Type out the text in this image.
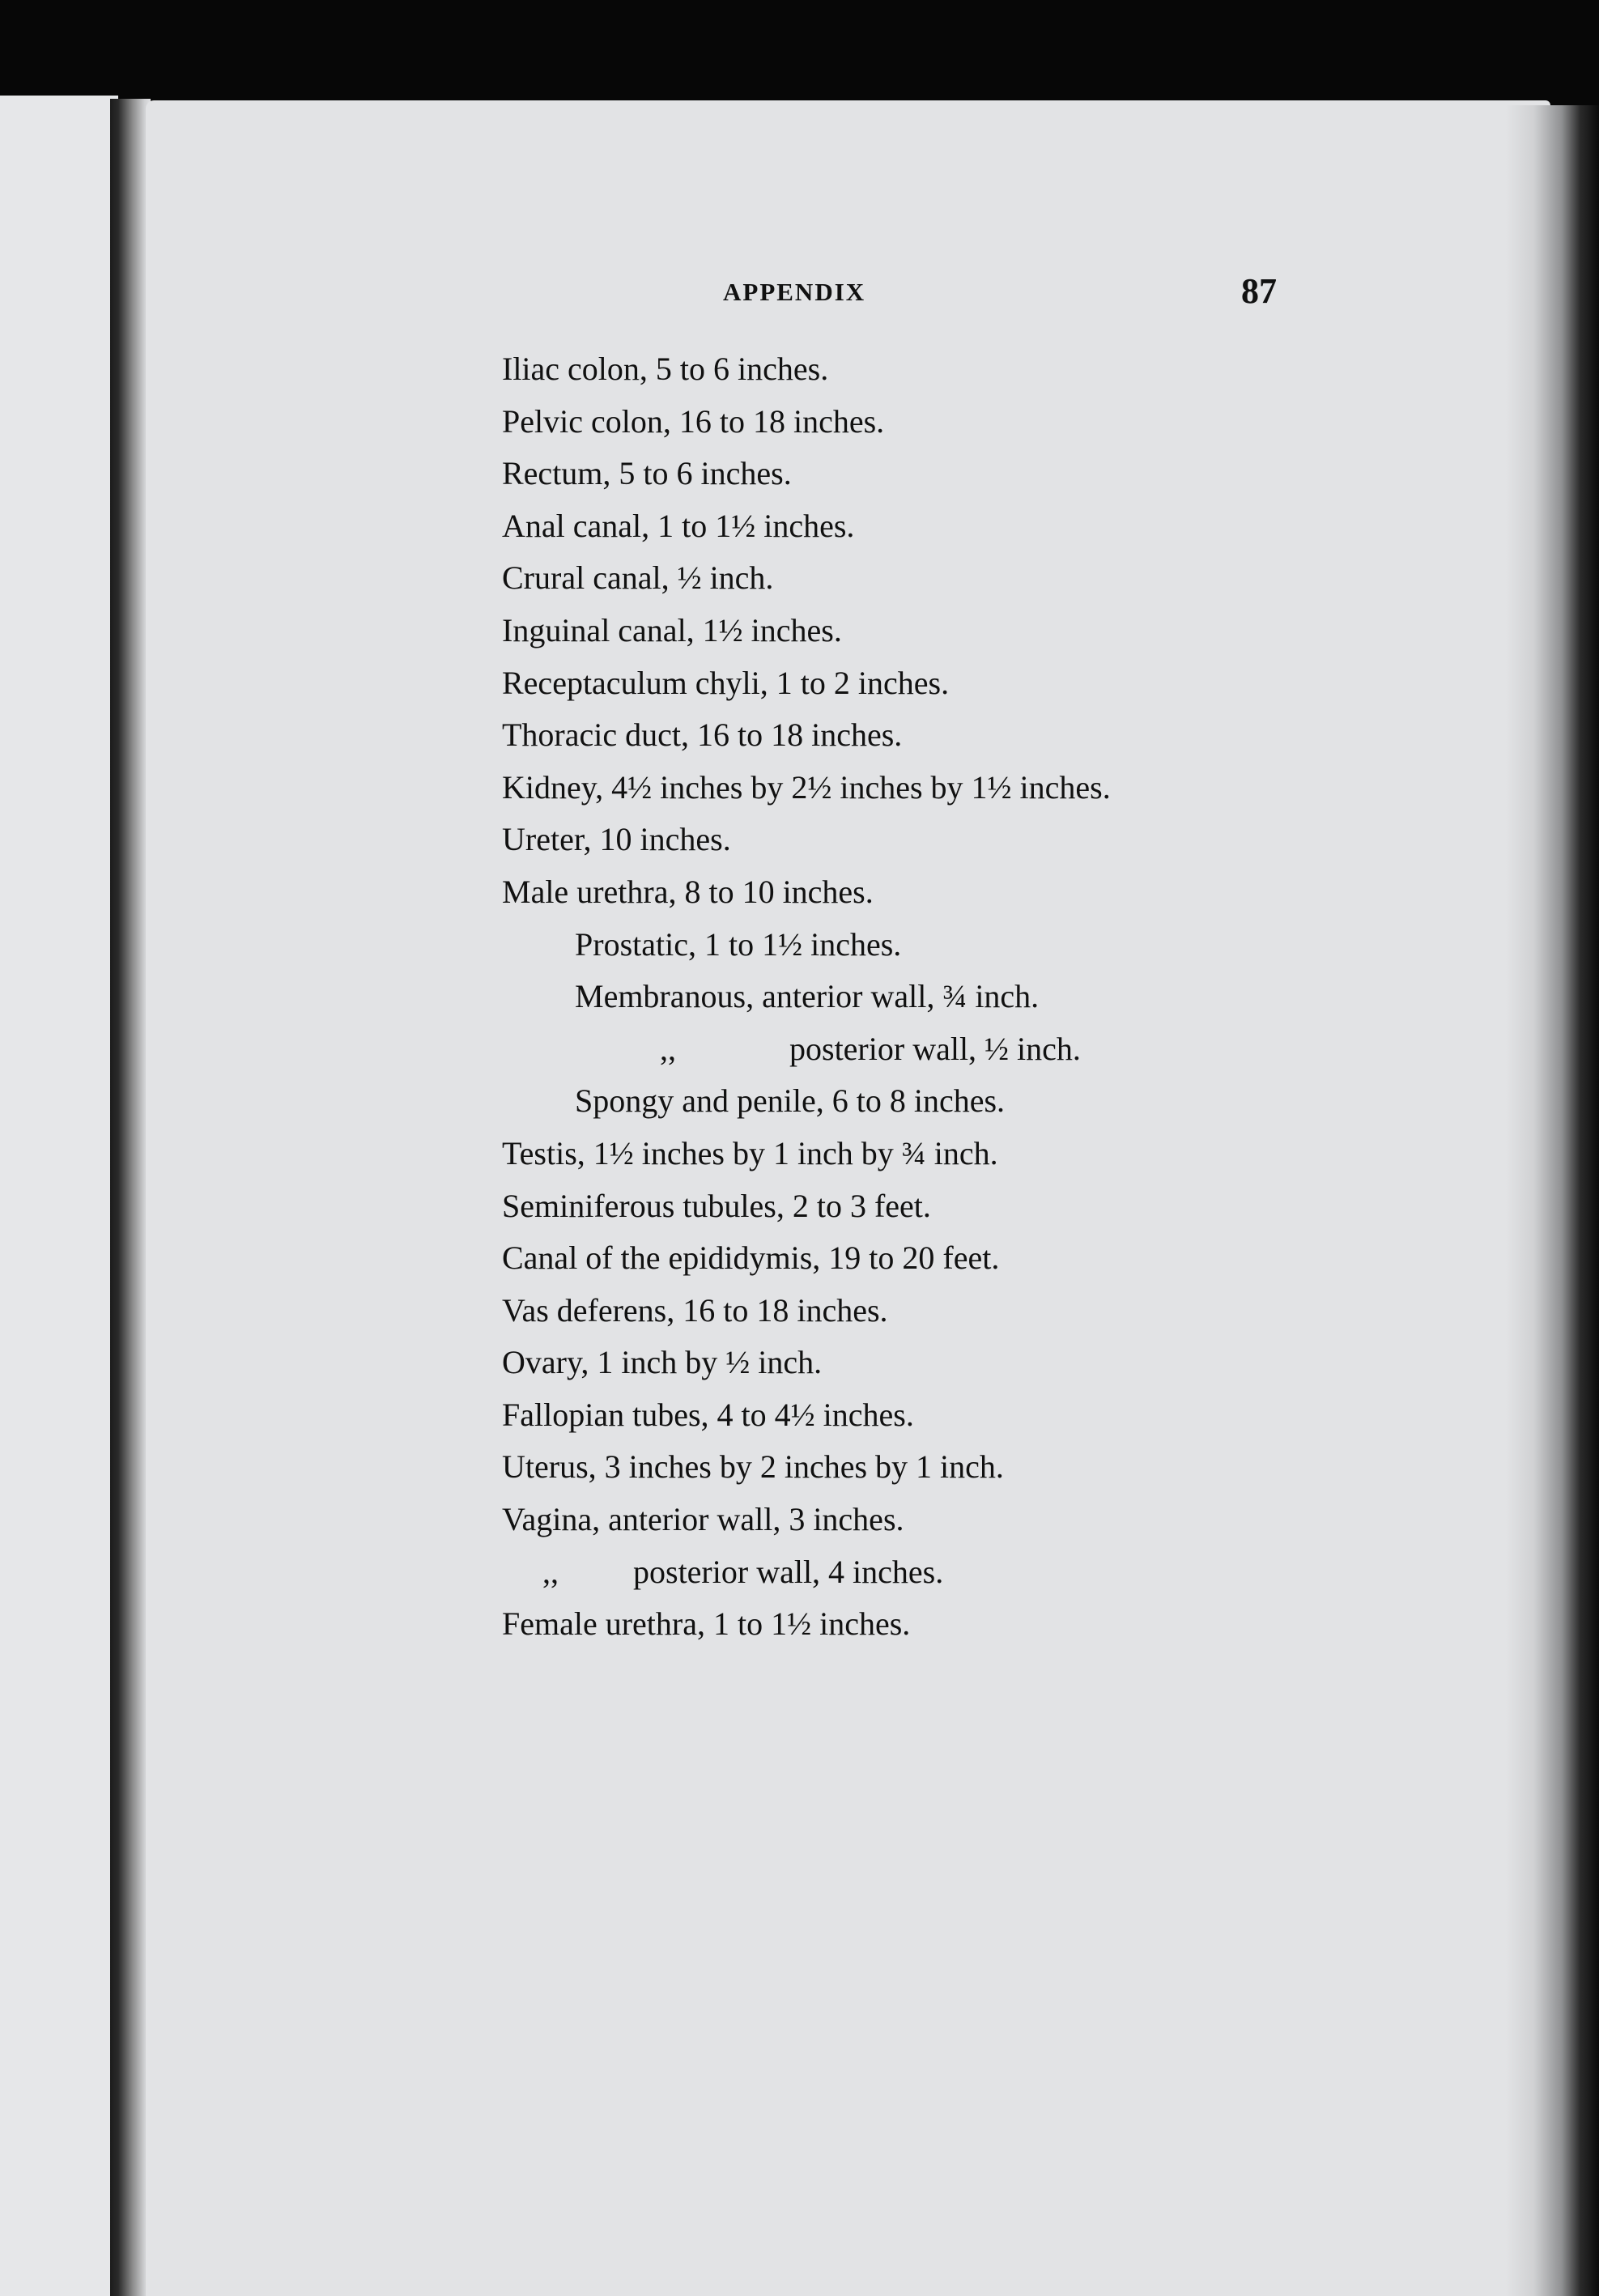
APPENDIX	87
Iliac colon, 5 to 6 inches.
Pelvic colon, 16 to 18 inches.
Rectum, 5 to 6 inches.
Anal canal, 1 to 1½ inches.
Crural canal, ½ inch.
Inguinal canal, 1½ inches.
Receptaculum chyli, 1 to 2 inches.
Thoracic duct, 16 to 18 inches.
Kidney, 4½ inches by 2½ inches by 1½ inches.
Ureter, 10 inches.
Male urethra, 8 to 10 inches.
Prostatic, 1 to 1½ inches.
Membranous, anterior wall, ¾ inch.
,,	posterior wall, ½ inch.
Spongy and penile, 6 to 8 inches.
Testis, 1½ inches by 1 inch by ¾ inch.
Seminiferous tubules, 2 to 3 feet.
Canal of the epididymis, 19 to 20 feet.
Vas deferens, 16 to 18 inches.
Ovary, 1 inch by ½ inch.
Fallopian tubes, 4 to 4½ inches.
Uterus, 3 inches by 2 inches by 1 inch.
Vagina, anterior wall, 3 inches.
,, posterior wall, 4 inches.
Female urethra, 1 to 1½ inches.
